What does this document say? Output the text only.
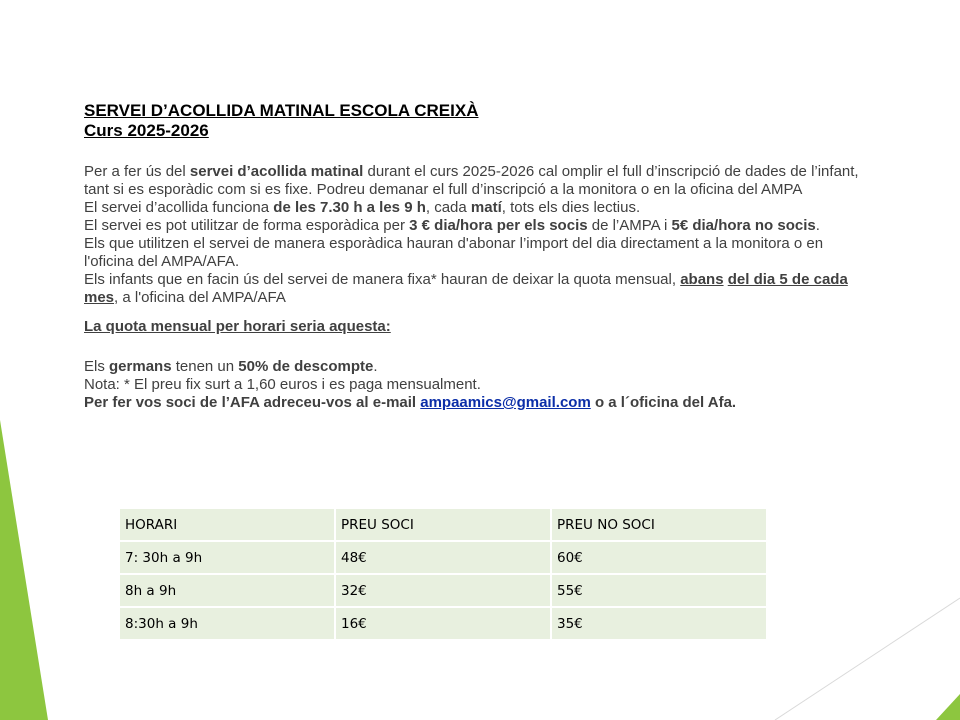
SERVEI D’ACOLLIDA MATINAL ESCOLA CREIXÀ
Curs 2025-2026
Per a fer ús del servei d’acollida matinal durant el curs 2025-2026 cal omplir el full d’inscripció de dades de l’infant, tant si es esporàdic com si es fixe. Podreu demanar el full d’inscripció a la monitora o en la oficina del AMPA
El servei d’acollida funciona de les 7.30 h a les 9 h, cada matí, tots els dies lectius.
El servei es pot utilitzar de forma esporàdica per 3 € dia/hora per els socis de l’AMPA i 5€ dia/hora no socis.
Els que utilitzen el servei de manera esporàdica hauran d'abonar l’import del dia directament a la monitora o en l'oficina del AMPA/AFA.
Els infants que en facin ús del servei de manera fixa* hauran de deixar la quota mensual, abans del dia 5 de cada mes, a l'oficina del AMPA/AFA
La quota mensual per horari seria aquesta:
Els germans tenen un 50% de descompte.
Nota: * El preu fix surt a 1,60 euros i es paga mensualment.
Per fer vos soci de l’AFA adreceu-vos al e-mail ampaamics@gmail.com o a l´oficina del Afa.
HORARI	PREU SOCI	PREU NO SOCI
7: 30h a 9h	48€	60€
8h a 9h	32€	55€
8:30h a 9h	16€	35€
